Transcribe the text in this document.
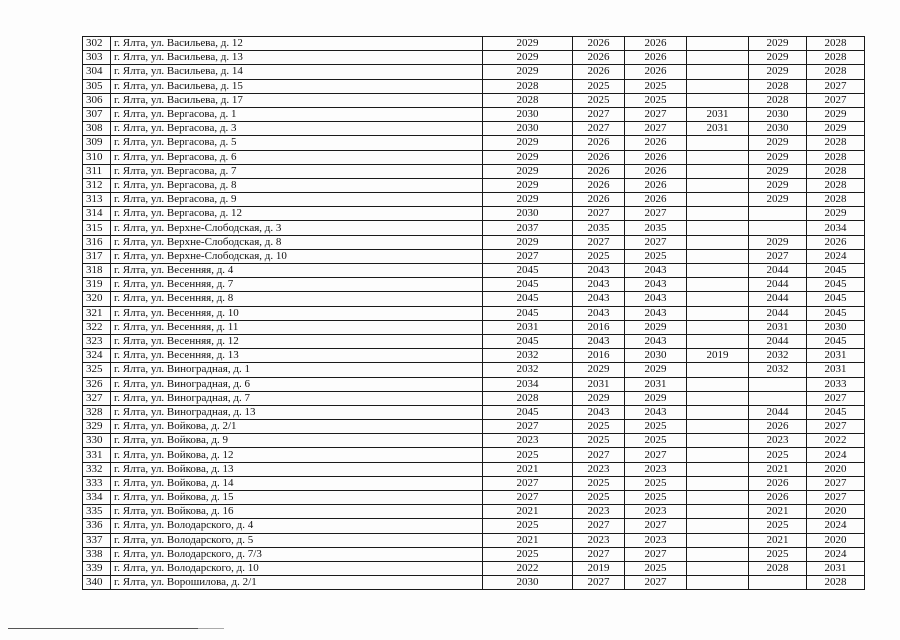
302	г. Ялта, ул. Васильева, д. 12	2029	2026	2026		2029	2028
303	г. Ялта, ул. Васильева, д. 13	2029	2026	2026		2029	2028
304	г. Ялта, ул. Васильева, д. 14	2029	2026	2026		2029	2028
305	г. Ялта, ул. Васильева, д. 15	2028	2025	2025		2028	2027
306	г. Ялта, ул. Васильева, д. 17	2028	2025	2025		2028	2027
307	г. Ялта, ул. Вергасова, д. 1	2030	2027	2027	2031	2030	2029
308	г. Ялта, ул. Вергасова, д. 3	2030	2027	2027	2031	2030	2029
309	г. Ялта, ул. Вергасова, д. 5	2029	2026	2026		2029	2028
310	г. Ялта, ул. Вергасова, д. 6	2029	2026	2026		2029	2028
311	г. Ялта, ул. Вергасова, д. 7	2029	2026	2026		2029	2028
312	г. Ялта, ул. Вергасова, д. 8	2029	2026	2026		2029	2028
313	г. Ялта, ул. Вергасова, д. 9	2029	2026	2026		2029	2028
314	г. Ялта, ул. Вергасова, д. 12	2030	2027	2027			2029
315	г. Ялта, ул. Верхне-Слободская, д. 3	2037	2035	2035			2034
316	г. Ялта, ул. Верхне-Слободская, д. 8	2029	2027	2027		2029	2026
317	г. Ялта, ул. Верхне-Слободская, д. 10	2027	2025	2025		2027	2024
318	г. Ялта, ул. Весенняя, д. 4	2045	2043	2043		2044	2045
319	г. Ялта, ул. Весенняя, д. 7	2045	2043	2043		2044	2045
320	г. Ялта, ул. Весенняя, д. 8	2045	2043	2043		2044	2045
321	г. Ялта, ул. Весенняя, д. 10	2045	2043	2043		2044	2045
322	г. Ялта, ул. Весенняя, д. 11	2031	2016	2029		2031	2030
323	г. Ялта, ул. Весенняя, д. 12	2045	2043	2043		2044	2045
324	г. Ялта, ул. Весенняя, д. 13	2032	2016	2030	2019	2032	2031
325	г. Ялта, ул. Виноградная, д. 1	2032	2029	2029		2032	2031
326	г. Ялта, ул. Виноградная, д. 6	2034	2031	2031			2033
327	г. Ялта, ул. Виноградная, д. 7	2028	2029	2029			2027
328	г. Ялта, ул. Виноградная, д. 13	2045	2043	2043		2044	2045
329	г. Ялта, ул. Войкова, д. 2/1	2027	2025	2025		2026	2027
330	г. Ялта, ул. Войкова, д. 9	2023	2025	2025		2023	2022
331	г. Ялта, ул. Войкова, д. 12	2025	2027	2027		2025	2024
332	г. Ялта, ул. Войкова, д. 13	2021	2023	2023		2021	2020
333	г. Ялта, ул. Войкова, д. 14	2027	2025	2025		2026	2027
334	г. Ялта, ул. Войкова, д. 15	2027	2025	2025		2026	2027
335	г. Ялта, ул. Войкова, д. 16	2021	2023	2023		2021	2020
336	г. Ялта, ул. Володарского, д. 4	2025	2027	2027		2025	2024
337	г. Ялта, ул. Володарского, д. 5	2021	2023	2023		2021	2020
338	г. Ялта, ул. Володарского, д. 7/3	2025	2027	2027		2025	2024
339	г. Ялта, ул. Володарского, д. 10	2022	2019	2025		2028	2031
340	г. Ялта, ул. Ворошилова, д. 2/1	2030	2027	2027			2028
